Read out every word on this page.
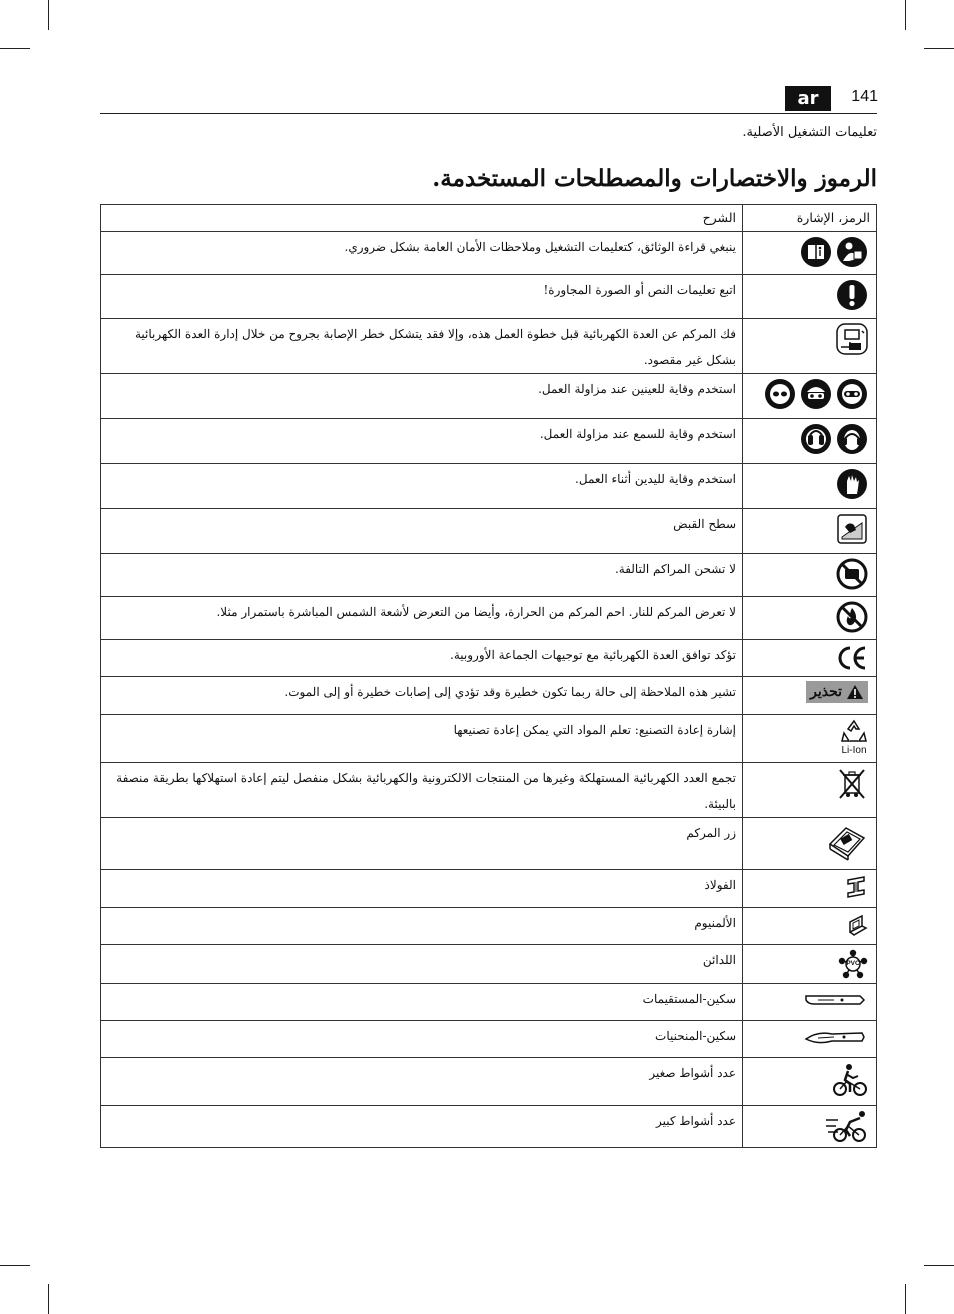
ar	141
تعليمات التشغيل الأصلية.
الرموز والاختصارات والمصطلحات المستخدمة.
الرمز، الإشارة	الشرح

ينبغي قراءة الوثائق، كتعليمات التشغيل وملاحظات الأمان العامة بشكل ضروري.

اتبع تعليمات النص أو الصورة المجاورة!

فك المركم عن العدة الكهربائية قبل خطوة العمل هذه، وإلا فقد يتشكل خطر الإصابة بجروح من خلال إدارة العدة الكهربائية بشكل غير مقصود.

استخدم وقاية للعينين عند مزاولة العمل.

استخدم وقاية للسمع عند مزاولة العمل.

استخدم وقاية لليدين أثناء العمل.

سطح القبض

لا تشحن المراكم التالفة.

لا تعرض المركم للنار. احم المركم من الحرارة، وأيضا من التعرض لأشعة الشمس المباشرة باستمرار مثلا.

تؤكد توافق العدة الكهربائية مع توجيهات الجماعة الأوروبية.

تحذير	تشير هذه الملاحظة إلى حالة ربما تكون خطيرة وقد تؤدي إلى إصابات خطيرة أو إلى الموت.

Li-Ion	إشارة إعادة التصنيع: تعلم المواد التي يمكن إعادة تصنيعها

تجمع العدد الكهربائية المستهلكة وغيرها من المنتجات الالكترونية والكهربائية بشكل منفصل ليتم إعادة استهلاكها بطريقة منصفة بالبيئة.

زر المركم

الفولاذ

الألمنيوم

PVC	اللدائن

سكين-المستقيمات

سكين-المنحنيات

عدد أشواط صغير

عدد أشواط كبير
